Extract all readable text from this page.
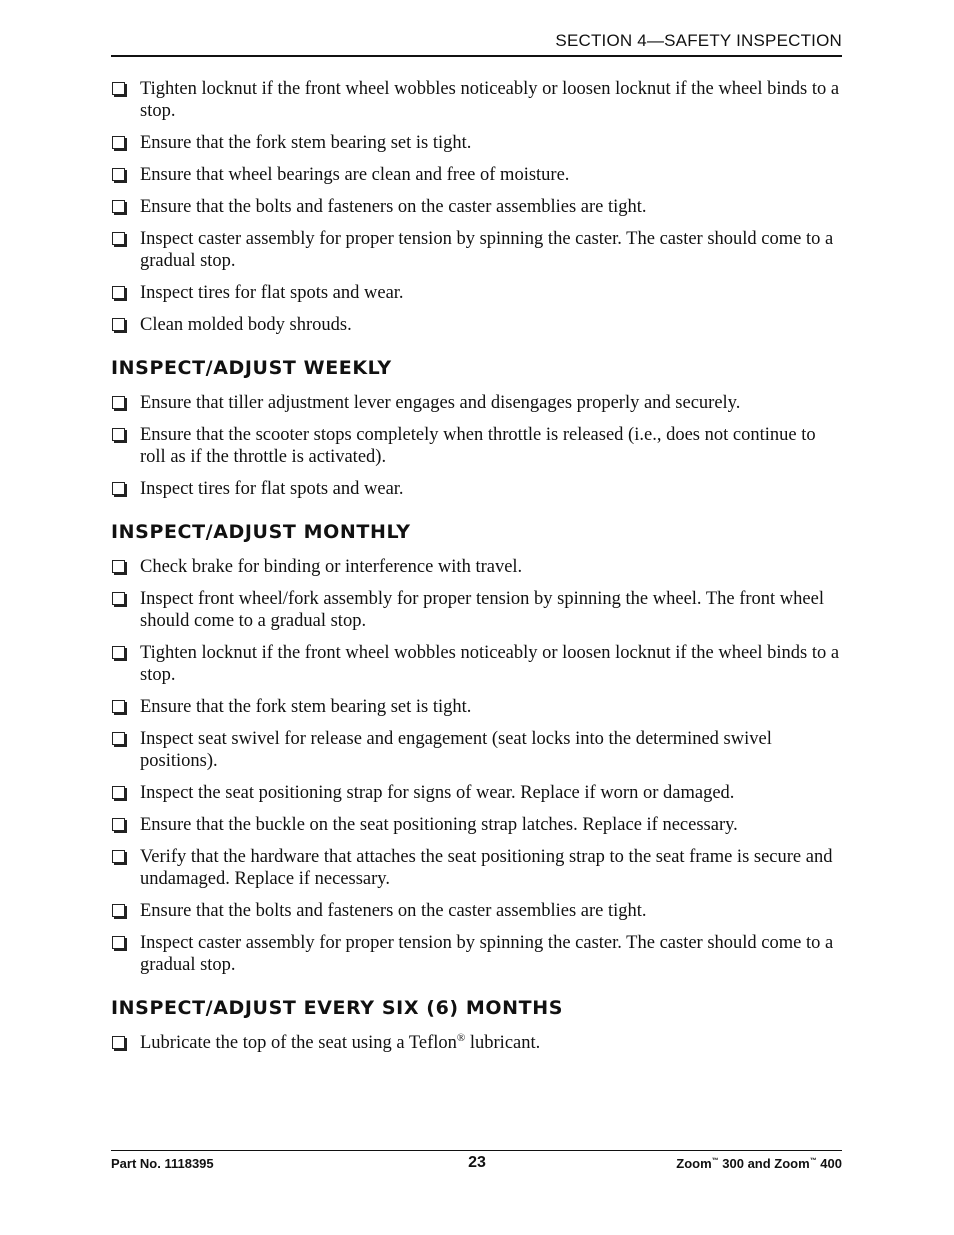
SECTION 4—SAFETY INSPECTION
Tighten locknut if the front wheel wobbles noticeably or loosen locknut if the wheel binds to a stop.
Ensure that the fork stem bearing set is tight.
Ensure that wheel bearings are clean and free of moisture.
Ensure that the bolts and fasteners on the caster assemblies are tight.
Inspect caster assembly for proper tension by spinning the caster. The caster should come to a gradual stop.
Inspect tires for flat spots and wear.
Clean molded body shrouds.
INSPECT/ADJUST WEEKLY
Ensure that tiller adjustment lever engages and disengages properly and securely.
Ensure that the scooter stops completely when throttle is released (i.e., does not continue to roll as if the throttle is activated).
Inspect tires for flat spots and wear.
INSPECT/ADJUST MONTHLY
Check brake for binding or interference with travel.
Inspect front wheel/fork assembly for proper tension by spinning the wheel. The front wheel should come to a gradual stop.
Tighten locknut if the front wheel wobbles noticeably or loosen locknut if the wheel binds to a stop.
Ensure that the fork stem bearing set is tight.
Inspect seat swivel for release and engagement (seat locks into the determined swivel positions).
Inspect the seat positioning strap for signs of wear. Replace if worn or damaged.
Ensure that the buckle on the seat positioning strap latches. Replace if necessary.
Verify that the hardware that attaches the seat positioning strap to the seat frame is secure and undamaged. Replace if necessary.
Ensure that the bolts and fasteners on the caster assemblies are tight.
Inspect caster assembly for proper tension by spinning the caster. The caster should come to a gradual stop.
INSPECT/ADJUST EVERY SIX (6) MONTHS
Lubricate the top of the seat using a Teflon® lubricant.
Part No. 1118395	23	Zoom™ 300 and Zoom™ 400
